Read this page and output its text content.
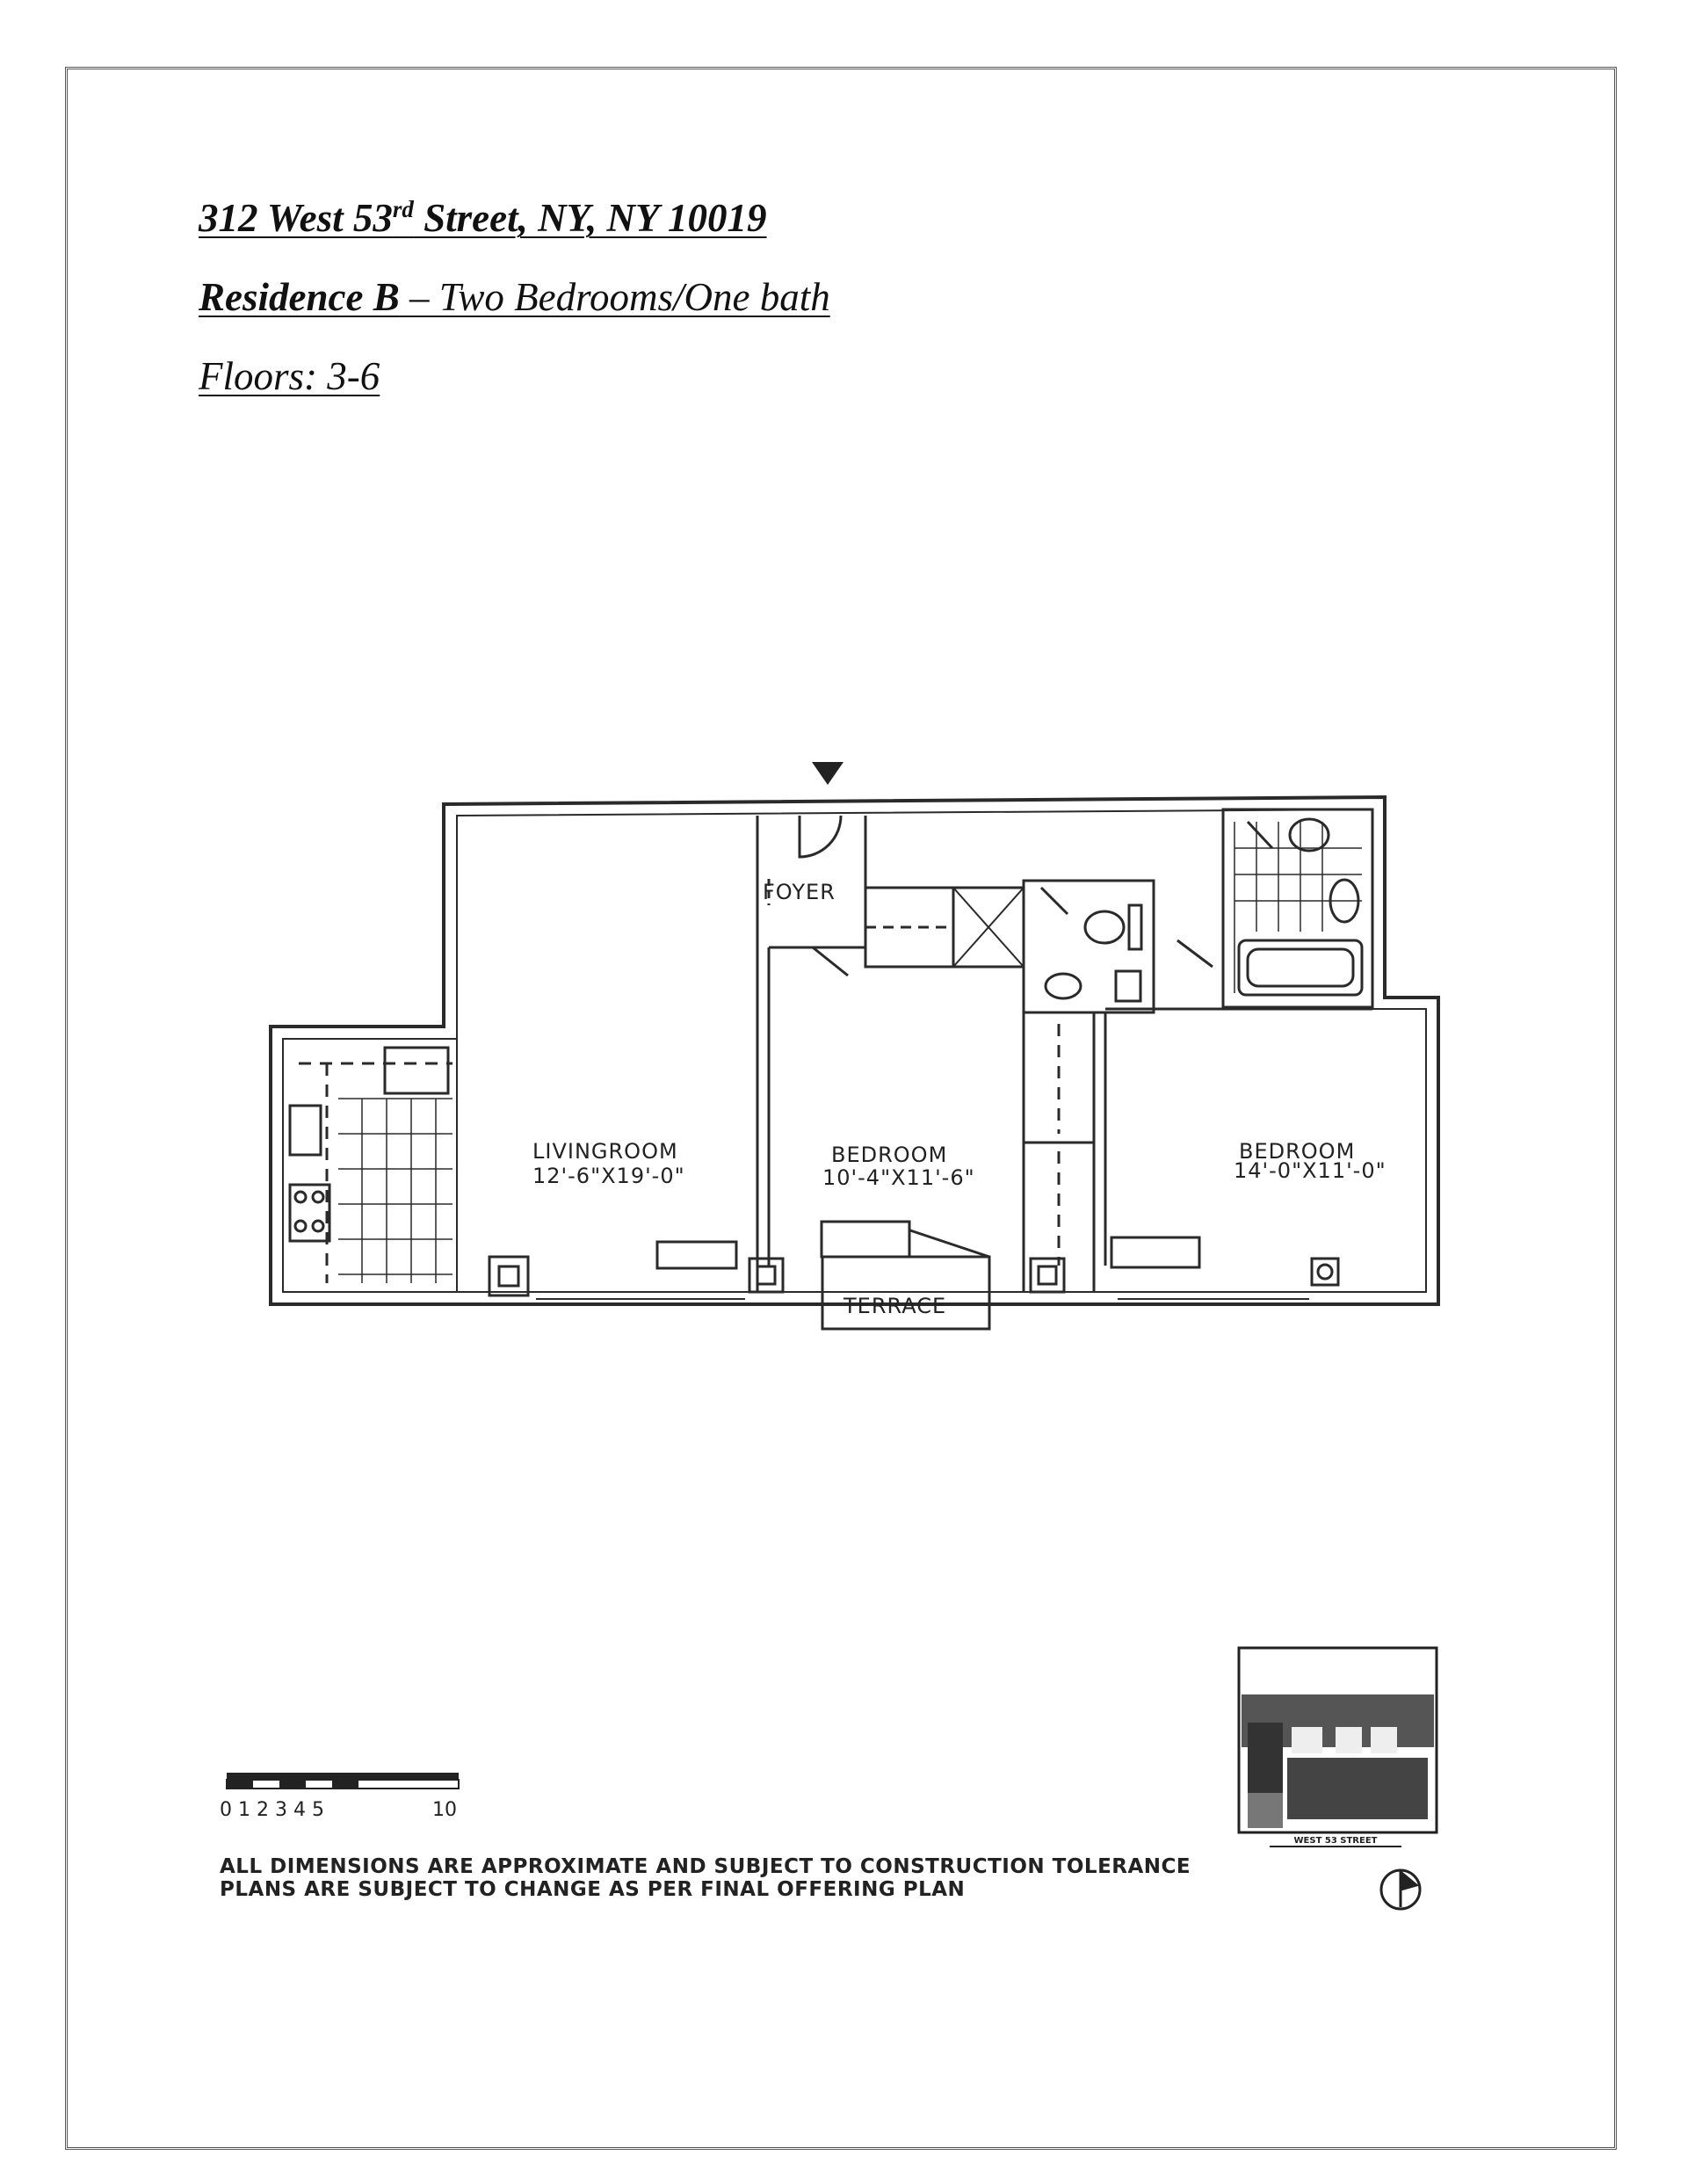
312 West 53rd Street, NY, NY 10019
Residence B – Two Bedrooms/One bath
Floors: 3-6
FOYER
LIVINGROOM
12'-6"X19'-0"
BEDROOM
10'-4"X11'-6"
BEDROOM
14'-0"X11'-0"
TERRACE
0 1 2 3 4 5	10
WEST 53 STREET
ALL DIMENSIONS ARE APPROXIMATE AND SUBJECT TO CONSTRUCTION TOLERANCE
PLANS ARE SUBJECT TO CHANGE AS PER FINAL OFFERING PLAN
